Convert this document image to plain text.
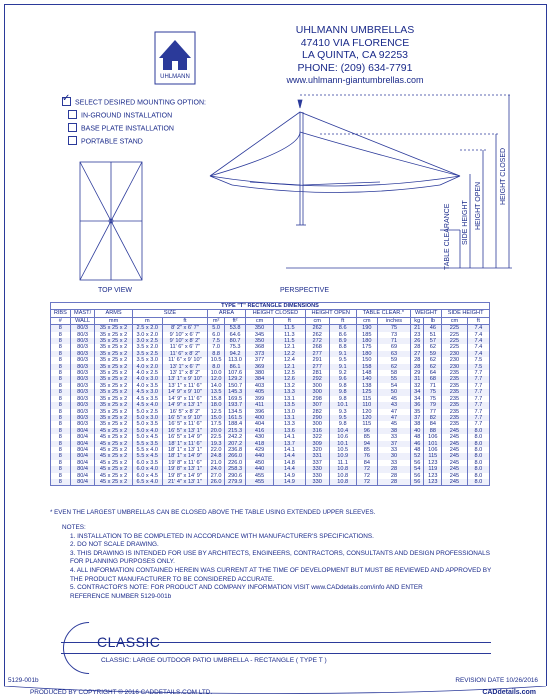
UHLMANN
UHLMANN UMBRELLAS
47410 VIA FLORENCE
LA QUINTA, CA 92253
PHONE: (209) 634-7791
www.uhlmann-giantumbrellas.com
✓ SELECT DESIRED MOUNTING OPTION:
IN-GROUND INSTALLATION
BASE PLATE INSTALLATION
PORTABLE STAND
TOP VIEW	PERSPECTIVE
TABLE CLEARANCE SIDE HEIGHT HEIGHT OPEN
HEIGHT CLOSED
TYPE "T" RECTANGLE DIMENSIONS																
RIBS	MAST/	ARMS	SIZE		AREA		HEIGHT CLOSED		HEIGHT OPEN		TABLE CLEAR.*		WEIGHT		SIDE HEIGHT	
#	WALL	mm	m	ft	m²	ft²	cm	ft	cm	ft	cm	inches	kg	lb	cm	ft
8	80/3	35 x 25 x 2	2.5 x 2.0	8' 2" x 6' 7"	5.0	53.8	350	11.5	262	8.6	190	75	21	46	225	7.4
8	80/3	35 x 25 x 2	3.0 x 2.0	9' 10" x 6' 7"	6.0	64.6	345	11.3	262	8.6	185	73	23	51	225	7.4
8	80/3	35 x 25 x 2	3.0 x 2.5	9' 10" x 8' 2"	7.5	80.7	350	11.5	272	8.9	180	71	26	57	225	7.4
8	80/3	35 x 25 x 2	3.5 x 2.0	11' 6" x 6' 7"	7.0	75.3	368	12.1	268	8.8	175	69	28	62	225	7.4
8	80/3	35 x 25 x 2	3.5 x 2.5	11' 6" x 8' 2"	8.8	94.2	373	12.2	277	9.1	180	63	27	59	230	7.4
8	80/3	35 x 25 x 2	3.5 x 3.0	11' 6" x 9' 10"	10.5	113.0	377	12.4	291	9.5	150	59	28	62	230	7.5
8	80/3	35 x 25 x 2	4.0 x 2.0	13' 1" x 6' 7"	8.0	86.1	369	12.1	277	9.1	158	62	28	62	230	7.5
8	80/3	35 x 25 x 2	4.0 x 2.5	13' 1" x 8' 2"	10.0	107.6	380	12.5	281	9.2	148	58	29	64	235	7.7
8	80/3	35 x 25 x 2	4.0 x 3.0	13' 1" x 9' 10"	12.0	129.2	384	12.6	292	9.6	140	55	31	68	235	7.7
8	80/3	35 x 25 x 2	4.0 x 3.5	13' 1" x 11' 6"	14.0	150.7	403	13.2	300	9.8	138	54	32	71	235	7.7
8	80/3	35 x 25 x 2	4.5 x 3.0	14' 9" x 9' 10"	13.5	145.3	405	13.3	300	9.8	125	50	34	75	235	7.7
8	80/3	35 x 25 x 2	4.5 x 3.5	14' 9" x 11' 6"	15.8	169.5	399	13.1	298	9.8	115	45	34	75	235	7.7
8	80/3	35 x 25 x 2	4.5 x 4.0	14' 9" x 13' 1"	18.0	193.7	411	13.5	307	10.1	110	43	36	79	235	7.7
8	80/3	35 x 25 x 2	5.0 x 2.5	16' 5" x 8' 2"	12.5	134.5	396	13.0	282	9.3	120	47	35	77	235	7.7
8	80/3	35 x 25 x 2	5.0 x 3.0	16' 5" x 9' 10"	15.0	161.5	400	13.1	290	9.5	120	47	37	82	235	7.7
8	80/3	35 x 25 x 2	5.0 x 3.5	16' 5" x 11' 6"	17.5	188.4	404	13.3	300	9.8	115	45	38	84	235	7.7
8	80/4	45 x 25 x 2	5.0 x 4.0	16' 5" x 13' 1"	20.0	215.3	416	13.6	316	10.4	96	38	40	88	245	8.0
8	80/4	45 x 25 x 2	5.0 x 4.5	16' 5" x 14' 9"	22.5	242.2	430	14.1	322	10.6	85	33	48	106	245	8.0
8	80/4	45 x 25 x 2	5.5 x 3.5	18' 1" x 11' 6"	19.3	207.2	418	13.7	309	10.1	94	37	46	101	245	8.0
8	80/4	45 x 25 x 2	5.5 x 4.0	18' 1" x 13' 1"	22.0	236.8	429	14.1	320	10.5	85	33	48	106	245	8.0
8	80/4	45 x 25 x 2	5.5 x 4.5	18' 1" x 14' 9"	24.8	266.0	440	14.4	331	10.9	76	30	52	115	245	8.0
8	80/4	45 x 25 x 2	6.0 x 3.5	19' 8" x 11' 6"	21.0	226.0	450	14.8	337	11.1	84	33	56	123	245	8.0
8	80/4	45 x 25 x 2	6.0 x 4.0	19' 8" x 13' 1"	24.0	258.3	440	14.4	330	10.8	72	28	54	119	245	8.0
8	80/4	45 x 25 x 2	6.0 x 4.5	19' 8" x 14' 9"	27.0	290.6	455	14.9	330	10.8	72	28	56	123	245	8.0
8	80/4	45 x 25 x 2	6.5 x 4.0	21' 4" x 13' 1"	26.0	279.9	455	14.9	330	10.8	72	28	56	123	245	8.0
* EVEN THE LARGEST UMBRELLAS CAN BE CLOSED ABOVE THE TABLE USING EXTENDED UPPER SLEEVES.
NOTES:
1. INSTALLATION TO BE COMPLETED IN ACCORDANCE WITH MANUFACTURER'S SPECIFICATIONS.
2. DO NOT SCALE DRAWING.
3. THIS DRAWING IS INTENDED FOR USE BY ARCHITECTS, ENGINEERS, CONTRACTORS, CONSULTANTS AND DESIGN PROFESSIONALS
FOR PLANNING PURPOSES ONLY.
4. ALL INFORMATION CONTAINED HEREIN WAS CURRENT AT THE TIME OF DEVELOPMENT BUT MUST BE REVIEWED AND APPROVED BY
THE PRODUCT MANUFACTURER TO BE CONSIDERED ACCURATE.
5. CONTRACTOR'S NOTE: FOR PRODUCT AND COMPANY INFORMATION VISIT www.CADdetails.com/info AND ENTER
REFERENCE NUMBER 5129-001b
CLASSIC
CLASSIC: LARGE OUTDOOR PATIO UMBRELLA - RECTANGLE ( TYPE T )
5129-001b	REVISION DATE 10/26/2016
PRODUCED BY COPYRIGHT © 2016 CADDETAILS.COM LTD.	CADdetails.com
